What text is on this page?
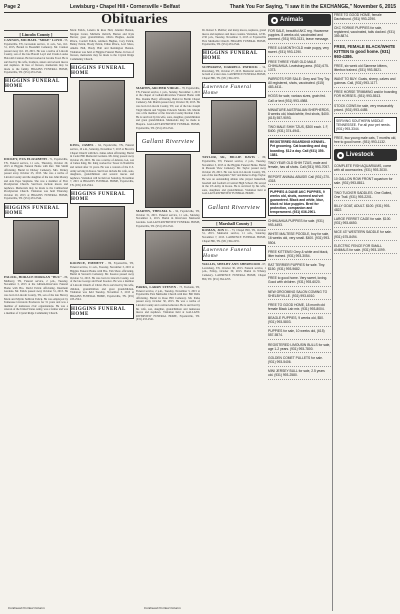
Page 2	Lewisburg • Chapel Hill • Cornersville • Belfast	Thank You For Saying, "I saw it in the EXCHANGE," November 6, 2015
Obituaries
[ Lincoln County ]

CANNON, MICHAEL "MIKE" LOYD - 53, Fayetteville, TN, Graveside service, 11 a.m., Sat., Oct. 31, 2015, Buried in Boonshill Cemetery. Mr. Cannon passed away Oct. 28, 2015. He was a native of Lincoln County, son of the late Harold Loyd and Ursula Louise Holcomb Cannon. He had worked at Jerome Food. He is survived by his wife, brothers, sisters and several nieces and nephews. In lieu of flowers, memorials may be made to the family. HIGGINS FUNERAL HOME, Fayetteville, TN. (931) 433-2544.

HIGGINS FUNERAL HOME

DICKEY, EVA ELIZABETH - 71, Fayetteville, TN, Funeral service, 11 a.m., Thursday, October 29, 2015 at Higgins Funeral Home with Rev. Tim Smith officiating. Burial in Dickey Cemetery. Mrs. Dickey passed away October 25, 2015. She was a native of Lincoln County and the daughter of the late John Mosley and Ada Pope Stephens. She was a member of First Presbyterian Church. Survivors include nieces and nephews. Memorials may be made to the Cumberland Presbyterian Church. Visitation was held Thursday, October 29, 2015 at HIGGINS FUNERAL HOME, Fayetteville, TN. (931) 433-2544.

HIGGINS FUNERAL HOME

ESLICK, HORACE MORGAN "BUC" - 86, Mulberry, TN, Funeral service, 2 p.m., Tuesday, November 3, 2015 at the Gilliam-Riverview Funeral Home with Bro. David Eslick officiating. Interment Gardens. Mr. Eslick passed away October 31, 2015. He was born in Lincoln County, TN, son of the late Harvey Mack and Myrtle Sullivan Eslick. He was employed by Tennessee Livestock Producers for 31 years and was a member of numerous civic organizations. He was a veteran of the United States Army, was a farmer and was a member of Crystal Ridge Community Church.

Mack Eslick, Lanetta & Ross Hall, Jennifer Benton, Morgan Carter, Michelle Oelrich, Burton and Kyle Barton; great grandchildren, Olivia Hughes, Austin Prince, Cordell Eslick, Addison Hughes, Cory Eslick, Bailey Eslick, Brody Eslick, Ethan Prince, Levi Moss, Amelia Hall, Brady Hall and Remington Benton. Visitation was held at Higgins Funeral Home. In lieu of flowers, memorials may be made to the Crystal Ridge Community Church.

HIGGINS FUNERAL HOME

KING, JAMES - 64, Fayetteville, TN, Funeral service, 10 a.m., Saturday, November 7, 2015 at Brown's Chapel Church with Rev. James Allen officiating. Burial in Cedar Hill Memorial Gardens. Mr. King passed away October 29, 2015. He was a native of Atlanta, GA, son of James King, Mr. King worked for Tower in Nashville and retired after 31 years. He was a veteran of the U.S. Army serving in Korea. Survivors include his wife, sons, daughters, grandchildren and several nieces and nephews. Visitation will be held on Saturday, November 7, 2015 at HIGGINS FUNERAL HOME, Fayetteville, TN. (931) 433-2544.

HIGGINS FUNERAL HOME

KOONCE, EMMETT - 89, Fayetteville, TN, Funeral service, 11 a.m., Tuesday, November 3, 2015 at Higgins Funeral Home with Bro. Tim Shaw officiating. Burial in Stewart's Cemetery. Mr. Koonce passed away October 31, 2015. He was born in Lincoln County, son of the late George and Pearl Koonce. He was a member of Lincoln Church of Christ. He is survived by his wife, children, grandchildren and great grandchildren. Visitation was held Tuesday, November 3, 2015 at HIGGINS FUNERAL HOME, Fayetteville, TN. (931) 433-2544.

HIGGINS FUNERAL HOME

MARTIN, ARCHER VIRGIL - 78, Fayetteville, TN, Funeral service, 1 p.m., Sunday, November 1, 2015 at the chapel of Gallant-Riverview Funeral Home with Bro. Ronnie Berry officiating. Burial in Berlin Chapel Cemetery. Mr. Martin passed away October 30, 2015. He was born in Lincoln County, TN, son of the late Joseph Virgil Martin and Virginia Edwards Martin. Mr. Martin was a life member of the Lincoln County Ruritan Club. He is survived by his wife, sons, daughter, grandchildren and great grandchildren. Memorials may be made to Hospice. GALLANT-RIVERVIEW FUNERAL HOME, Fayetteville, TN. (931) 433-2541.

Gallant Riverview

MARTIN, THELMA S. - 92, Fayetteville, TN, October 31, 2015. Funeral service, 11 a.m., Monday, November 2, 2015. Burial in Riverview Memorial Gardens. GALLANT-RIVERVIEW FUNERAL HOME, Fayetteville, TN. (931) 433-2541.

PARKS, LARRY STEVEN - 73, Fredonia, TN, Funeral service, 2 p.m., Tuesday, November 3, 2015 at Fayetteville First Methodist Church with Rev. Bill Wells officiating. Burial in Rose Hill Cemetery. Mr. Parks passed away October 30, 2015. He was a native of Lincoln County and a retired educator. He is survived by his wife, son, daughter, grandchildren and numerous nieces and nephews. Visitation held at GALLANT-RIVERVIEW FUNERAL HOME, Fayetteville, TN. (931) 433-2541.

Dr. Robert S. Pfeiffer; and many nieces, nephews, grand nieces and nephews and more cousins. Visitation, 12:30-2:30 p.m., Tuesday, November 3, 2015 at Fayetteville First Methodist Church. HIGGINS FUNERAL HOME, Fayetteville, TN. (931) 433-2544.

HIGGINS FUNERAL HOME

SCHWARTZ, DARRELL PATRICK - 54, Petersburg, TN, October 27, 2015. Memorial service to be held at a later date. LAWRENCE FUNERAL HOME, Chapel Hill, TN. (931) 364-2255.

Lawrence Funeral Home

TAYLOR, SR., BILLIE DAVIS - 80, Fayetteville, TN, Funeral service, 2 p.m., Tuesday, November 3, 2015 at the Higgins Funeral Home. Burial in Pleasant View Cemetery. Mr. Taylor passed away October 29, 2015. He was born in Lincoln County, TN, son of the late Benjamin "Tab" and Rebecca Page Taylor. He was an outstanding athlete who played basketball, baseball and football at Central High School. He served in the US Army in Korea. He is survived by his wife, sons, daughters and grandchildren. Visitation held at GALLANT-RIVERVIEW FUNERAL HOME.

Gallant Riverview
[ Marshall County ]

ROMAN, JON C. - 73, Chapel Hill, TN, October 31, 2015. Memorial service, 11 a.m., Saturday, November 7, 2015. LAWRENCE FUNERAL HOME, Chapel Hill, TN. (931) 364-2255.

Lawrence Funeral Home

WALLIS, SHELBY ANN SHERWOOD - 67, Lewisburg, TN, October 30, 2015. Funeral service, 1 p.m., Friday, October 30, 2015. Burial in Whaley Cemetery. LAWRENCE FUNERAL HOME, Chapel Hill, TN. (931) 364-2255.

Continued On Next Column	Continued On Next Column
Animals
FOR SALE, beautiful AKC reg. Havanese puppies. 8 weeks old, vaccinated and wormed. (931) 993-3131, leave message.
FREE 4-6 MONTH OLD male puppy, very sweet. (931) 993-1290.
FREE THREE YEAR OLD MALE CHIHUAHUA. Lewisburg area. (931) 675-1373.
PARROTS FOR SALE: Grey and Tiny Toy. All registered, shots, vaccinated. (615) 483-4411.
HOGS for sale, various sizes, grain fed. Call or text (931) 993-4988.
MINIATURE AUSTRALIAN SHEPHERDS, 8 weeks old, black/white, first shots, $400. (615) 557-9093.
TWO MALE SHIH TZUS, $300 each. 1 F, $400. (931) 374-4941.
REGISTERED BOARDING KENNEL. Pet grooming. Cat boarding and dog boarding. $12 a day. Call (931) 359-1881.
TWO YEAR OLD SHIH TZUS, male and female, has all shots. Call (931) 993-7057.
REPORT ANIMAL ABUSE! Call (931) 270-4318.
PUPPIES & DANE AKC PUPPIES, 9 weeks old, shots, wormed and vet guaranteed. Black and white, blue, black w/ blue puppies. Bred for protection, companion and temperament. (931) 636-2901.
CHIHUAHUA PUPPIES for sale. (931) 993-4493.
WHITE MALTESE POODLE, boy for sale, 16 weeks old, very small. $400. (931) 993-5504.
FREE KITTENS! Grey & white and black, litter trained. (931) 993-3054.
RAT TERRIER PUPPIES for sale. Tiny. $150. (931) 993-9682.
FREE to good home. Very sweet, loving. Good with children. (931) 993-6020.
NEW GROOMING SALON COMING TO SHELBYVILLE. (931) 993-6010.
FREE TO GOOD HOME, 18 month old female Black Lab mix. (931) 993-8004.
BEAGLE PUPPIES, 9 weeks old, $50. (931) 993-5803.
PUPPIES for sale, 10 weeks old, (615) 557-5574.
REGISTERED LIMOUSIN BULLS for sale, age 1-2 years. (931) 993-7800.
GOLDEN COMET PULLETS for sale. (931) 993-5406.
MINI JERSEY BULL for sale, 2.5 years old. (931) 993-2580.
FREE TO GOOD HOME, female Dachshund. (931) 993-2290.
CKC YORKIE PUPPIES for sale, registered, vaccinated, tails docked. (931) 359-8874.
FREE, FEMALE BLACK/WHITE KITTEN to good home. (931) 993-4386.
FREE, six week old Siamese kittens, litterbox trained. (931) 993-5521.
WANT TO BUY: Goats, sheep, calves and guineas. Call, (931) 993-1177.
FREE HORSE TRIMMING and/or boarding FOR HORSES. (931) 993-5513.
STOCK COWS for sale, very reasonably priced. (931) 993-4485.
SERVING SOUTHERN MIDDLE TENNESSEE. For all your pet needs. (931) 993-3344.
FREE, two young male cats, 7 months old, free to good home. (931) 993-1132.
Livestock
COMPLETE FISH AQUARIUMS, come with all accessories. (931) 993-3030.
10 GALLON ROW FRONT aquarium for sale. (931) 993-8811.
TWO TUCKER SADDLES. One Gaited, One Trail. (931) 993-2201.
BILLY GOAT, ADULT. $100. (931) 993-4822.
LARGE FERRET CAGE for sale. $100. (931) 993-6650.
NICE 43" WESTERN SADDLE for sale. (931) 675-8494.
ELECTRIC FENCE FOR SMALL ANIMALS for sale. (931) 993-1099.
